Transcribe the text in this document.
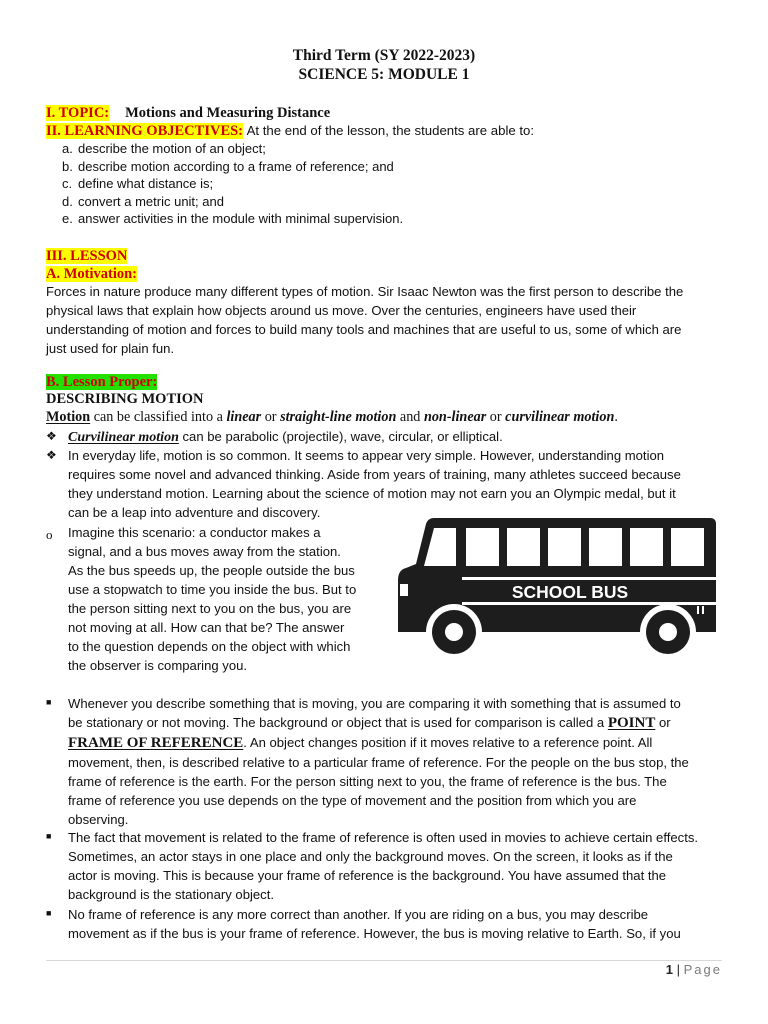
Third Term (SY 2022-2023)
SCIENCE 5: MODULE 1
I. TOPIC: Motions and Measuring Distance
II. LEARNING OBJECTIVES: At the end of the lesson, the students are able to:
a. describe the motion of an object;
b. describe motion according to a frame of reference; and
c. define what distance is;
d. convert a metric unit; and
e. answer activities in the module with minimal supervision.
III. LESSON
A. Motivation:
Forces in nature produce many different types of motion. Sir Isaac Newton was the first person to describe the
physical laws that explain how objects around us move. Over the centuries, engineers have used their
understanding of motion and forces to build many tools and machines that are useful to us, some of which are
just used for plain fun.
B. Lesson Proper:
DESCRIBING MOTION
Motion can be classified into a linear or straight-line motion and non-linear or curvilinear motion.
❖ Curvilinear motion can be parabolic (projectile), wave, circular, or elliptical.
❖ In everyday life, motion is so common. It seems to appear very simple. However, understanding motion
requires some novel and advanced thinking. Aside from years of training, many athletes succeed because
they understand motion. Learning about the science of motion may not earn you an Olympic medal, but it
can be a leap into adventure and discovery.
o Imagine this scenario: a conductor makes a
signal, and a bus moves away from the station.
As the bus speeds up, the people outside the bus
use a stopwatch to time you inside the bus. But to
the person sitting next to you on the bus, you are
not moving at all. How can that be? The answer
to the question depends on the object with which
the observer is comparing you.
SCHOOL BUS
■ Whenever you describe something that is moving, you are comparing it with something that is assumed to
be stationary or not moving. The background or object that is used for comparison is called a POINT or
FRAME OF REFERENCE. An object changes position if it moves relative to a reference point. All
movement, then, is described relative to a particular frame of reference. For the people on the bus stop, the
frame of reference is the earth. For the person sitting next to you, the frame of reference is the bus. The
frame of reference you use depends on the type of movement and the position from which you are
observing.
■ The fact that movement is related to the frame of reference is often used in movies to achieve certain effects.
Sometimes, an actor stays in one place and only the background moves. On the screen, it looks as if the
actor is moving. This is because your frame of reference is the background. You have assumed that the
background is the stationary object.
■ No frame of reference is any more correct than another. If you are riding on a bus, you may describe
movement as if the bus is your frame of reference. However, the bus is moving relative to Earth. So, if you
1 | Page
